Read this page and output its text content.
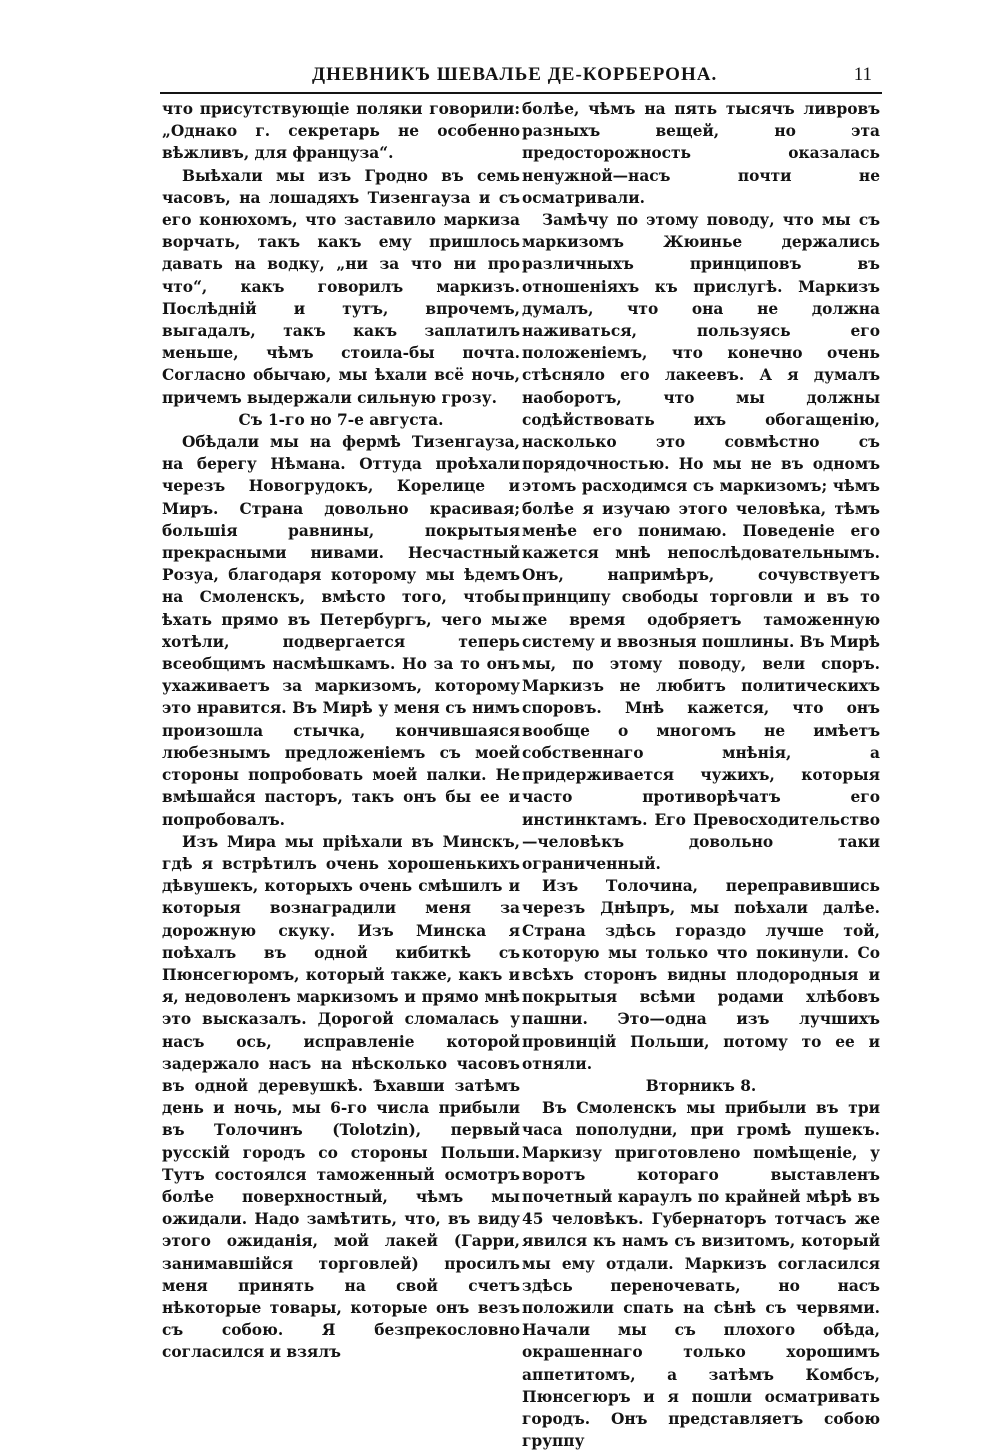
ДНЕВНИКЪ ШЕВАЛЬЕ ДЕ-КОРБЕРОНА.	11

что присутствующіе поляки говорили: „Однако г. секретарь не особенно вѣжливъ, для француза“.

Выѣхали мы изъ Гродно въ семь часовъ, на лошадяхъ Тизенгауза и съ его конюхомъ, что заставило маркиза ворчать, такъ какъ ему пришлось давать на водку, „ни за что ни про что“, какъ говорилъ маркизъ. Послѣдній и тутъ, впрочемъ, выгадалъ, такъ какъ заплатилъ меньше, чѣмъ стоила-бы почта. Согласно обычаю, мы ѣхали всё ночь, причемъ выдержали сильную грозу.

Съ 1-го но 7-е августа.

Обѣдали мы на фермѣ Тизенгауза, на берегу Нѣмана. Оттуда проѣхали черезъ Новогрудокъ, Корелице и Миръ. Страна довольно красивая; большія равнины, покрытыя прекрасными нивами. Несчастный Розуа, благодаря которому мы ѣдемъ на Смоленскъ, вмѣсто того, чтобы ѣхать прямо въ Петербургъ, чего мы хотѣли, подвергается теперь всеобщимъ насмѣшкамъ. Но за то онъ ухаживаетъ за маркизомъ, которому это нравится. Въ Мирѣ у меня съ нимъ произошла стычка, кончившаяся любезнымъ предложеніемъ съ моей стороны попробовать моей палки. Не вмѣшайся пасторъ, такъ онъ бы ее и попробовалъ.

Изъ Мира мы пріѣхали въ Минскъ, гдѣ я встрѣтилъ очень хорошенькихъ дѣвушекъ, которыхъ очень смѣшилъ и которыя вознаградили меня за дорожную скуку. Изъ Минска я поѣхалъ въ одной кибиткѣ съ Пюнсегюромъ, который также, какъ и я, недоволенъ маркизомъ и прямо мнѣ это высказалъ. Дорогой сломалась у насъ ось, исправленіе которой задержало насъ на нѣсколько часовъ въ одной деревушкѣ. Ѣхавши затѣмъ день и ночь, мы 6-го числа прибыли въ Толочинъ (Tolotzin), первый русскій городъ со стороны Польши. Тутъ состоялся таможенный осмотръ болѣе поверхностный, чѣмъ мы ожидали. Надо замѣтить, что, въ виду этого ожиданія, мой лакей (Гарри, занимавшійся торговлей) просилъ меня принять на свой счетъ нѣкоторые товары, которые онъ везъ съ собою. Я безпрекословно согласился и взялъ

болѣе, чѣмъ на пять тысячъ ливровъ разныхъ вещей, но эта предосторожность оказалась ненужной—насъ почти не осматривали.

Замѣчу по этому поводу, что мы съ маркизомъ Жюинье держались различныхъ принциповъ въ отношеніяхъ къ прислугѣ. Маркизъ думалъ, что она не должна наживаться, пользуясь его положеніемъ, что конечно очень стѣсняло его лакеевъ. А я думалъ наоборотъ, что мы должны содѣйствовать ихъ обогащенію, насколько это совмѣстно съ порядочностью. Но мы не въ одномъ этомъ расходимся съ маркизомъ; чѣмъ болѣе я изучаю этого человѣка, тѣмъ менѣе его понимаю. Поведеніе его кажется мнѣ непослѣдовательнымъ. Онъ, напримѣръ, сочувствуетъ принципу свободы торговли и въ то же время одобряетъ таможенную систему и ввозныя пошлины. Въ Мирѣ мы, по этому поводу, вели споръ. Маркизъ не любитъ политическихъ споровъ. Мнѣ кажется, что онъ вообще о многомъ не имѣетъ собственнаго мнѣнія, а придерживается чужихъ, которыя часто противорѣчатъ его инстинктамъ. Его Превосходительство—человѣкъ довольно таки ограниченный.

Изъ Толочина, переправившись черезъ Днѣпръ, мы поѣхали далѣе. Страна здѣсь гораздо лучше той, которую мы только что покинули. Со всѣхъ сторонъ видны плодородныя и покрытыя всѣми родами хлѣбовъ пашни. Это—одна изъ лучшихъ провинцій Польши, потому то ее и отняли.

Вторникъ 8.

Въ Смоленскъ мы прибыли въ три часа пополудни, при громѣ пушекъ. Маркизу приготовлено помѣщеніе, у воротъ котораго выставленъ почетный караулъ по крайней мѣрѣ въ 45 человѣкъ. Губернаторъ тотчасъ же явился къ намъ съ визитомъ, который мы ему отдали. Маркизъ согласился здѣсь переночевать, но насъ положили спать на сѣнѣ съ червями. Начали мы съ плохого обѣда, окрашеннаго только хорошимъ аппетитомъ, а затѣмъ Комбсъ, Пюнсегюръ и я пошли осматривать городъ. Онъ представляетъ собою группу
